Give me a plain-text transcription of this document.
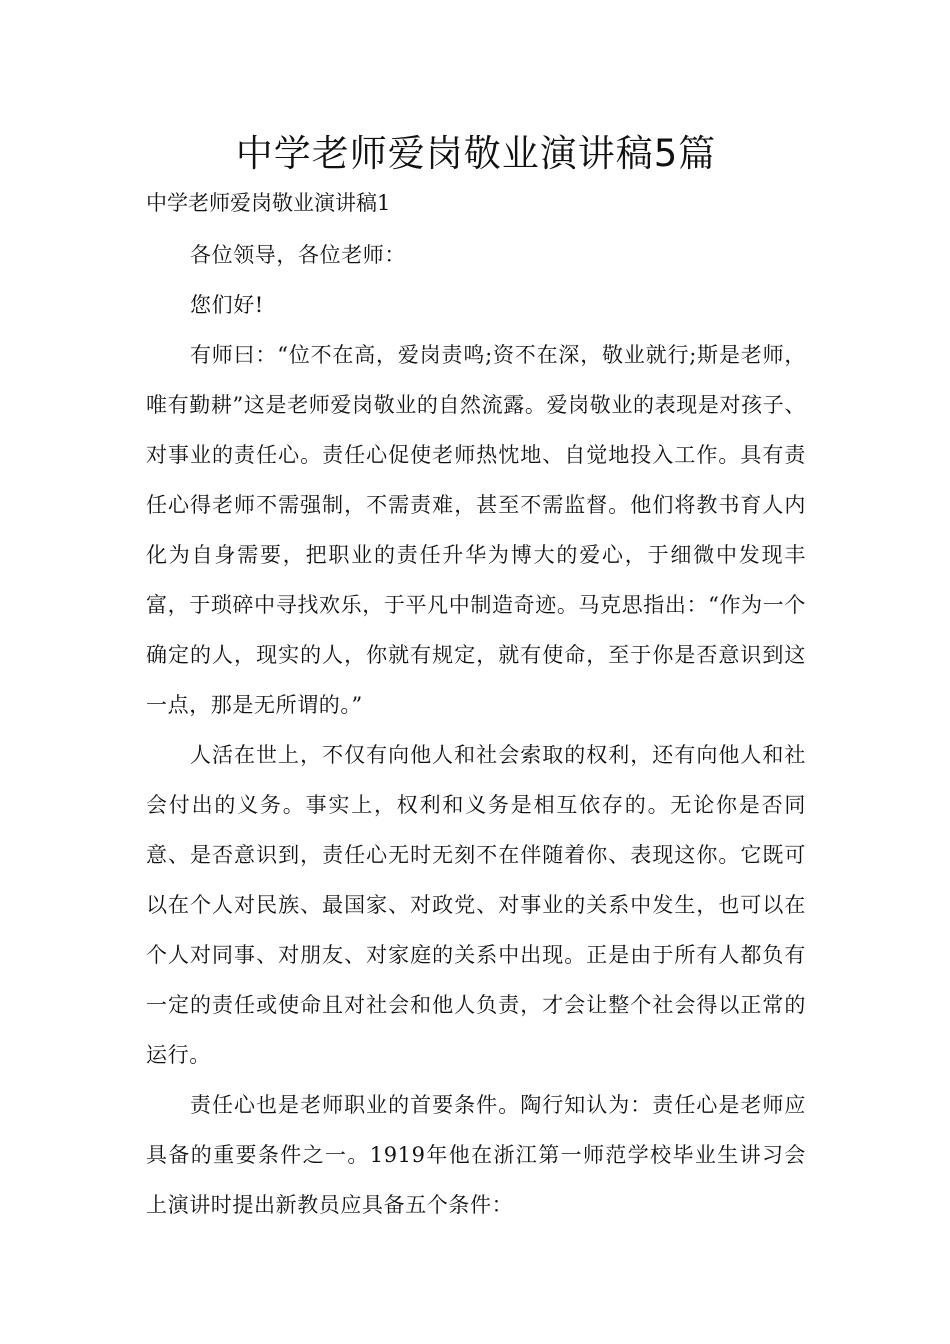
中学老师爱岗敬业演讲稿5篇
中学老师爱岗敬业演讲稿1

各位领导，各位老师：

您们好!

有师曰：“位不在高，爱岗责鸣;资不在深，敬业就行;斯是老师，唯有勤耕”这是老师爱岗敬业的自然流露。爱岗敬业的表现是对孩子、对事业的责任心。责任心促使老师热忱地、自觉地投入工作。具有责任心得老师不需强制，不需责难，甚至不需监督。他们将教书育人内化为自身需要，把职业的责任升华为博大的爱心，于细微中发现丰富，于琐碎中寻找欢乐，于平凡中制造奇迹。马克思指出：“作为一个确定的人，现实的人，你就有规定，就有使命，至于你是否意识到这一点，那是无所谓的。”

人活在世上，不仅有向他人和社会索取的权利，还有向他人和社会付出的义务。事实上，权利和义务是相互依存的。无论你是否同意、是否意识到，责任心无时无刻不在伴随着你、表现这你。它既可以在个人对民族、最国家、对政党、对事业的关系中发生，也可以在个人对同事、对朋友、对家庭的关系中出现。正是由于所有人都负有一定的责任或使命且对社会和他人负责，才会让整个社会得以正常的运行。

责任心也是老师职业的首要条件。陶行知认为：责任心是老师应具备的重要条件之一。1919年他在浙江第一师范学校毕业生讲习会上演讲时提出新教员应具备五个条件：
